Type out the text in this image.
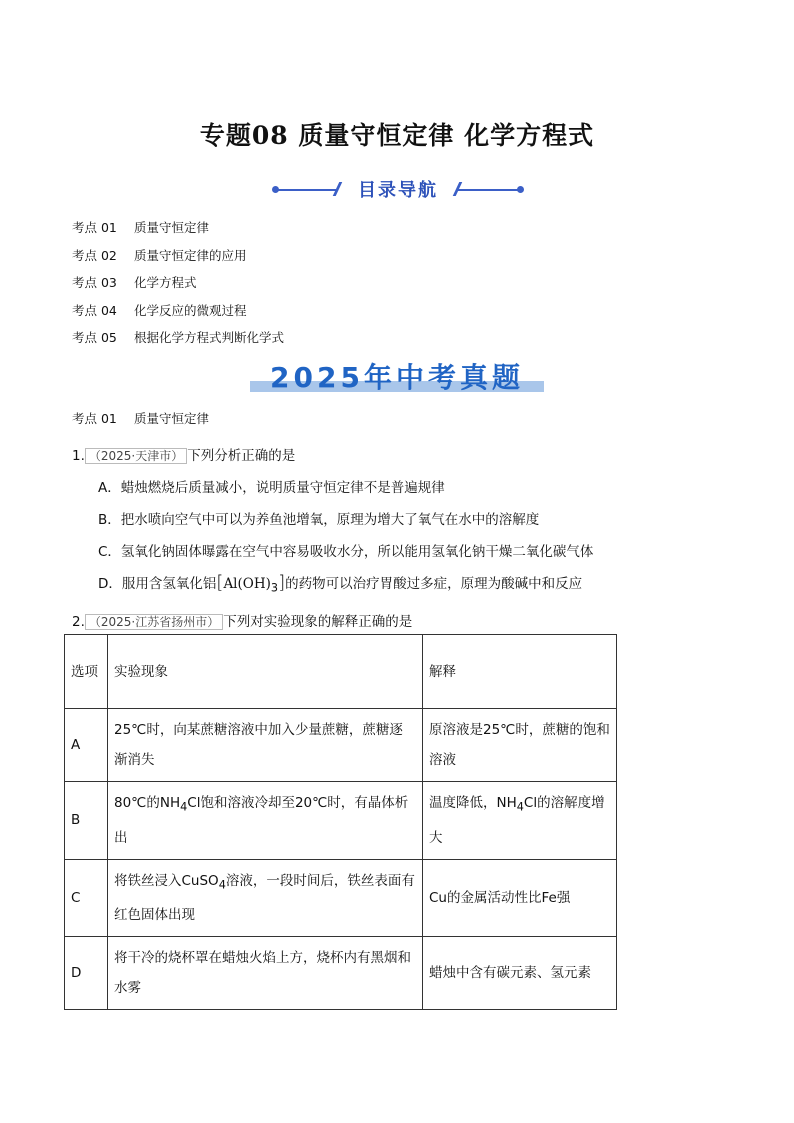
专题08 质量守恒定律 化学方程式
目录导航
考点 01 质量守恒定律
考点 02 质量守恒定律的应用
考点 03 化学方程式
考点 04 化学反应的微观过程
考点 05 根据化学方程式判断化学式
2025年中考真题
考点 01 质量守恒定律
1. （2025·天津市） 下列分析正确的是
A．蜡烛燃烧后质量减小，说明质量守恒定律不是普遍规律
B．把水喷向空气中可以为养鱼池增氧，原理为增大了氧气在水中的溶解度
C．氢氧化钠固体曝露在空气中容易吸收水分，所以能用氢氧化钠干燥二氧化碳气体
D．服用含氢氧化铝$[Al(OH)_3]$的药物可以治疗胃酸过多症，原理为酸碱中和反应
2. （2025·江苏省扬州市） 下列对实验现象的解释正确的是
选项	实验现象	解释
A	25℃时，向某蔗糖溶液中加入少量蔗糖，蔗糖逐渐消失	原溶液是25℃时，蔗糖的饱和溶液
B	80℃的$NH_4Cl$饱和溶液冷却至20℃时，有晶体析出	温度降低，$NH_4Cl$的溶解度增大
C	将铁丝浸入CuSO$_4$溶液，一段时间后，铁丝表面有红色固体出现	Cu的金属活动性比Fe强
D	将干冷的烧杯罩在蜡烛火焰上方，烧杯内有黑烟和水雾	蜡烛中含有碳元素、氢元素
